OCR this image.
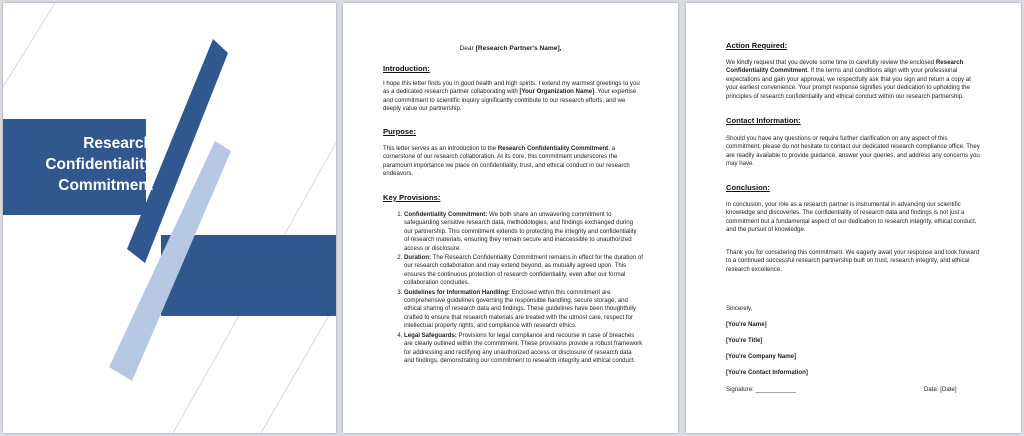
Research
Confidentiality
Commitment
Dear [Research Partner's Name],
Introduction:
I hope this letter finds you in good health and high spirits. I extend my warmest greetings to you as a dedicated research partner collaborating with [Your Organization Name]. Your expertise and commitment to scientific inquiry significantly contribute to our research efforts, and we deeply value our partnership.
Purpose:
This letter serves as an introduction to the Research Confidentiality Commitment, a cornerstone of our research collaboration. At its core, this commitment underscores the paramount importance we place on confidentiality, trust, and ethical conduct in our research endeavors.
Key Provisions:
1. Confidentiality Commitment: We both share an unwavering commitment to safeguarding sensitive research data, methodologies, and findings exchanged during our partnership. This commitment extends to protecting the integrity and confidentiality of research materials, ensuring they remain secure and inaccessible to unauthorized access or disclosure.
2. Duration: The Research Confidentiality Commitment remains in effect for the duration of our research collaboration and may extend beyond, as mutually agreed upon. This ensures the continuous protection of research confidentiality, even after our formal collaboration concludes.
3. Guidelines for Information Handling: Enclosed within this commitment are comprehensive guidelines governing the responsible handling, secure storage, and ethical sharing of research data and findings. These guidelines have been thoughtfully crafted to ensure that research materials are treated with the utmost care, respect for intellectual property rights, and compliance with research ethics.
4. Legal Safeguards: Provisions for legal compliance and recourse in case of breaches are clearly outlined within the commitment. These provisions provide a robust framework for addressing and rectifying any unauthorized access or disclosure of research data and findings, demonstrating our commitment to research integrity and ethical conduct.
Action Required:
We kindly request that you devote some time to carefully review the enclosed Research Confidentiality Commitment. If the terms and conditions align with your professional expectations and gain your approval, we respectfully ask that you sign and return a copy at your earliest convenience. Your prompt response signifies your dedication to upholding the principles of research confidentiality and ethical conduct within our research partnership.
Contact Information:
Should you have any questions or require further clarification on any aspect of this commitment, please do not hesitate to contact our dedicated research compliance office. They are readily available to provide guidance, answer your queries, and address any concerns you may have.
Conclusion:
In conclusion, your role as a research partner is instrumental in advancing our scientific knowledge and discoveries. The confidentiality of research data and findings is not just a commitment but a fundamental aspect of our dedication to research integrity, ethical conduct, and the pursuit of knowledge.
Thank you for considering this commitment. We eagerly await your response and look forward to a continued successful research partnership built on trust, research integrity, and ethical research excellence.
Sincerely,
[You're Name]
[You're Title]
[You're Company Name]
[You're Contact Information]
Signature: ____________	Date: [Date]
